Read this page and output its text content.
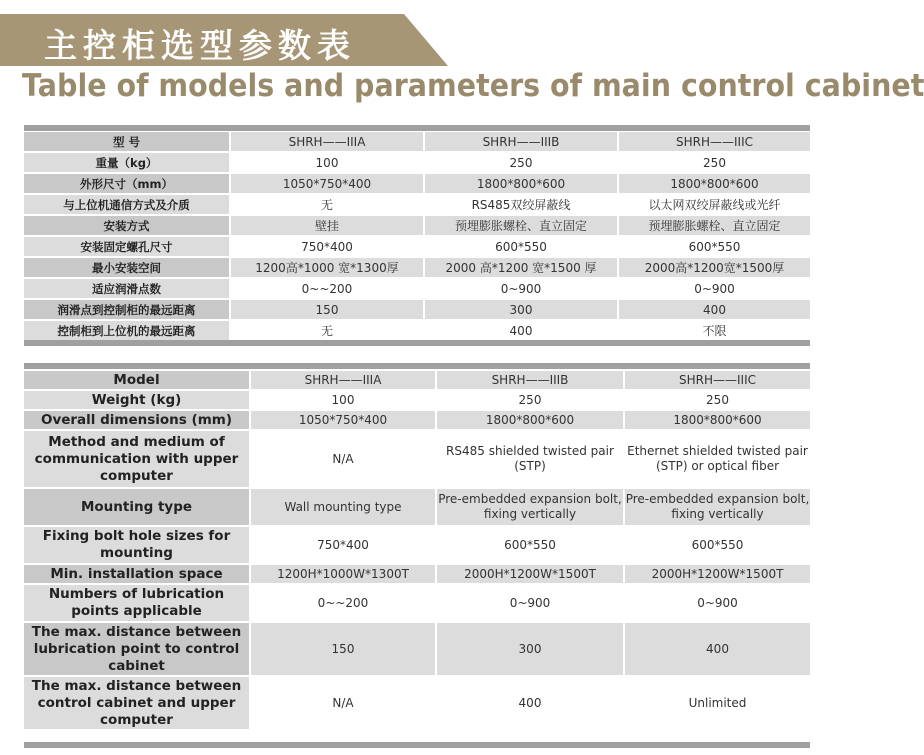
主控柜选型参数表
Table of models and parameters of main control cabinet
型 号	SHRH——IIIA	SHRH——IIIB	SHRH——IIIC
重量（kg）	100	250	250
外形尺寸（mm）	1050*750*400	1800*800*600	1800*800*600
与上位机通信方式及介质	无	RS485双绞屏蔽线	以太网双绞屏蔽线或光纤
安装方式	壁挂	预埋膨胀螺栓、直立固定	预埋膨胀螺栓、直立固定
安装固定螺孔尺寸	750*400	600*550	600*550
最小安装空间	1200高*1000 宽*1300厚	2000 高*1200 宽*1500 厚	2000高*1200宽*1500厚
适应润滑点数	0~~200	0~900	0~900
润滑点到控制柜的最远距离	150	300	400
控制柜到上位机的最远距离	无	400	不限
Model	SHRH——IIIA	SHRH——IIIB	SHRH——IIIC
Weight (kg)	100	250	250
Overall dimensions (mm)	1050*750*400	1800*800*600	1800*800*600
Method and medium of communication with upper computer	N/A	RS485 shielded twisted pair (STP)	Ethernet shielded twisted pair (STP) or optical fiber
Mounting type	Wall mounting type	Pre-embedded expansion bolt, fixing vertically	Pre-embedded expansion bolt, fixing vertically
Fixing bolt hole sizes for mounting	750*400	600*550	600*550
Min. installation space	1200H*1000W*1300T	2000H*1200W*1500T	2000H*1200W*1500T
Numbers of lubrication points applicable	0~~200	0~900	0~900
The max. distance between lubrication point to control cabinet	150	300	400
The max. distance between control cabinet and upper computer	N/A	400	Unlimited
